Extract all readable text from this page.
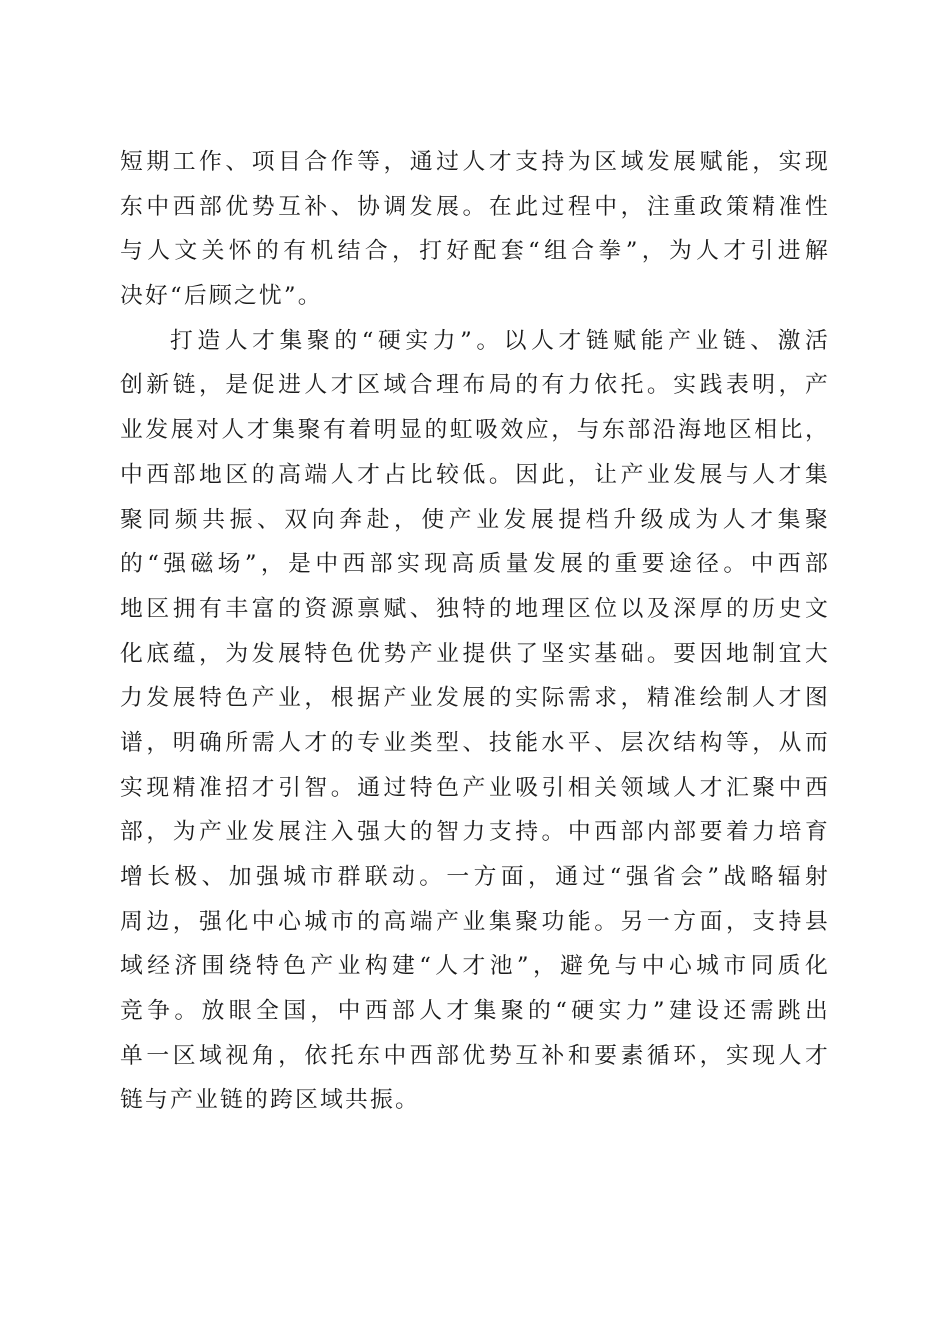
短期工作、项目合作等，通过人才支持为区域发展赋能，实现
东中西部优势互补、协调发展。在此过程中，注重政策精准性
与人文关怀的有机结合，打好配套“组合拳”，为人才引进解
决好“后顾之忧”。
打造人才集聚的“硬实力”。以人才链赋能产业链、激活
创新链，是促进人才区域合理布局的有力依托。实践表明，产
业发展对人才集聚有着明显的虹吸效应，与东部沿海地区相比，
中西部地区的高端人才占比较低。因此，让产业发展与人才集
聚同频共振、双向奔赴，使产业发展提档升级成为人才集聚
的“强磁场”，是中西部实现高质量发展的重要途径。中西部
地区拥有丰富的资源禀赋、独特的地理区位以及深厚的历史文
化底蕴，为发展特色优势产业提供了坚实基础。要因地制宜大
力发展特色产业，根据产业发展的实际需求，精准绘制人才图
谱，明确所需人才的专业类型、技能水平、层次结构等，从而
实现精准招才引智。通过特色产业吸引相关领域人才汇聚中西
部，为产业发展注入强大的智力支持。中西部内部要着力培育
增长极、加强城市群联动。一方面，通过“强省会”战略辐射
周边，强化中心城市的高端产业集聚功能。另一方面，支持县
域经济围绕特色产业构建“人才池”，避免与中心城市同质化
竞争。放眼全国，中西部人才集聚的“硬实力”建设还需跳出
单一区域视角，依托东中西部优势互补和要素循环，实现人才
链与产业链的跨区域共振。
